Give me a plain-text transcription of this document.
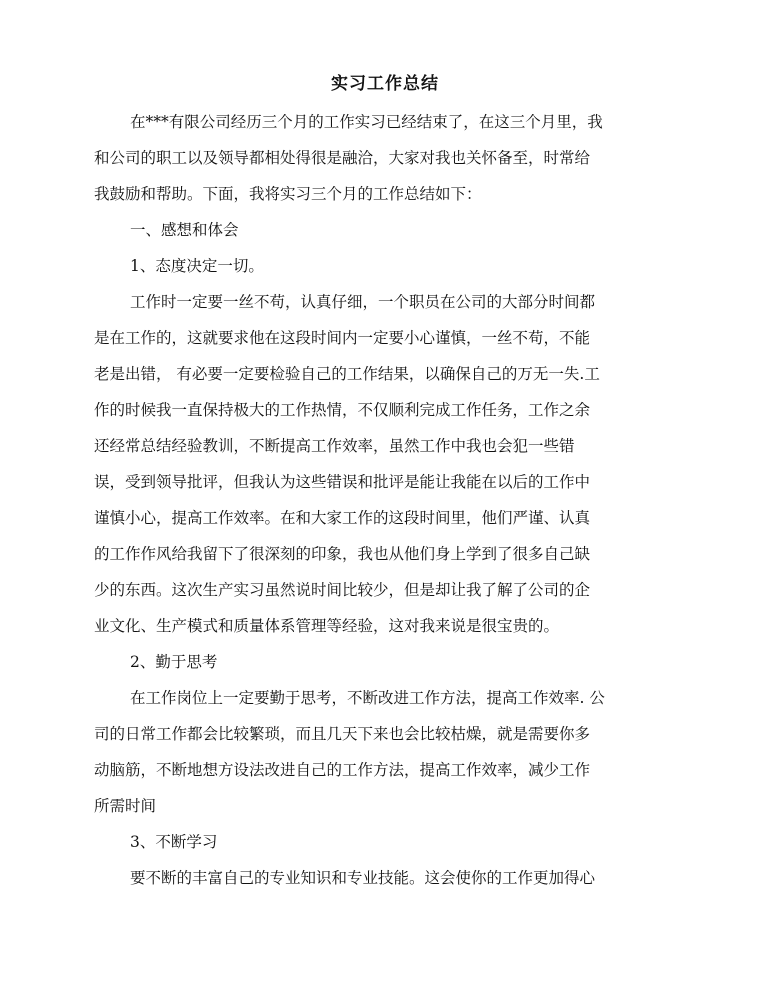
实习工作总结

在***有限公司经历三个月的工作实习已经结束了，在这三个月里，我

和公司的职工以及领导都相处得很是融洽，大家对我也关怀备至，时常给

我鼓励和帮助。下面，我将实习三个月的工作总结如下：

一、感想和体会

1、态度决定一切。

工作时一定要一丝不苟，认真仔细，一个职员在公司的大部分时间都

是在工作的，这就要求他在这段时间内一定要小心谨慎，一丝不苟，不能

老是出错， 有必要一定要检验自己的工作结果，以确保自己的万无一失.工

作的时候我一直保持极大的工作热情，不仅顺利完成工作任务，工作之余

还经常总结经验教训，不断提高工作效率，虽然工作中我也会犯一些错

误，受到领导批评，但我认为这些错误和批评是能让我能在以后的工作中

谨慎小心，提高工作效率。在和大家工作的这段时间里，他们严谨、认真

的工作作风给我留下了很深刻的印象，我也从他们身上学到了很多自己缺

少的东西。这次生产实习虽然说时间比较少，但是却让我了解了公司的企

业文化、生产模式和质量体系管理等经验，这对我来说是很宝贵的。

2、勤于思考

在工作岗位上一定要勤于思考，不断改进工作方法，提高工作效率. 公

司的日常工作都会比较繁琐，而且几天下来也会比较枯燥，就是需要你多

动脑筋，不断地想方设法改进自己的工作方法，提高工作效率，减少工作

所需时间

3、不断学习

要不断的丰富自己的专业知识和专业技能。这会使你的工作更加得心
